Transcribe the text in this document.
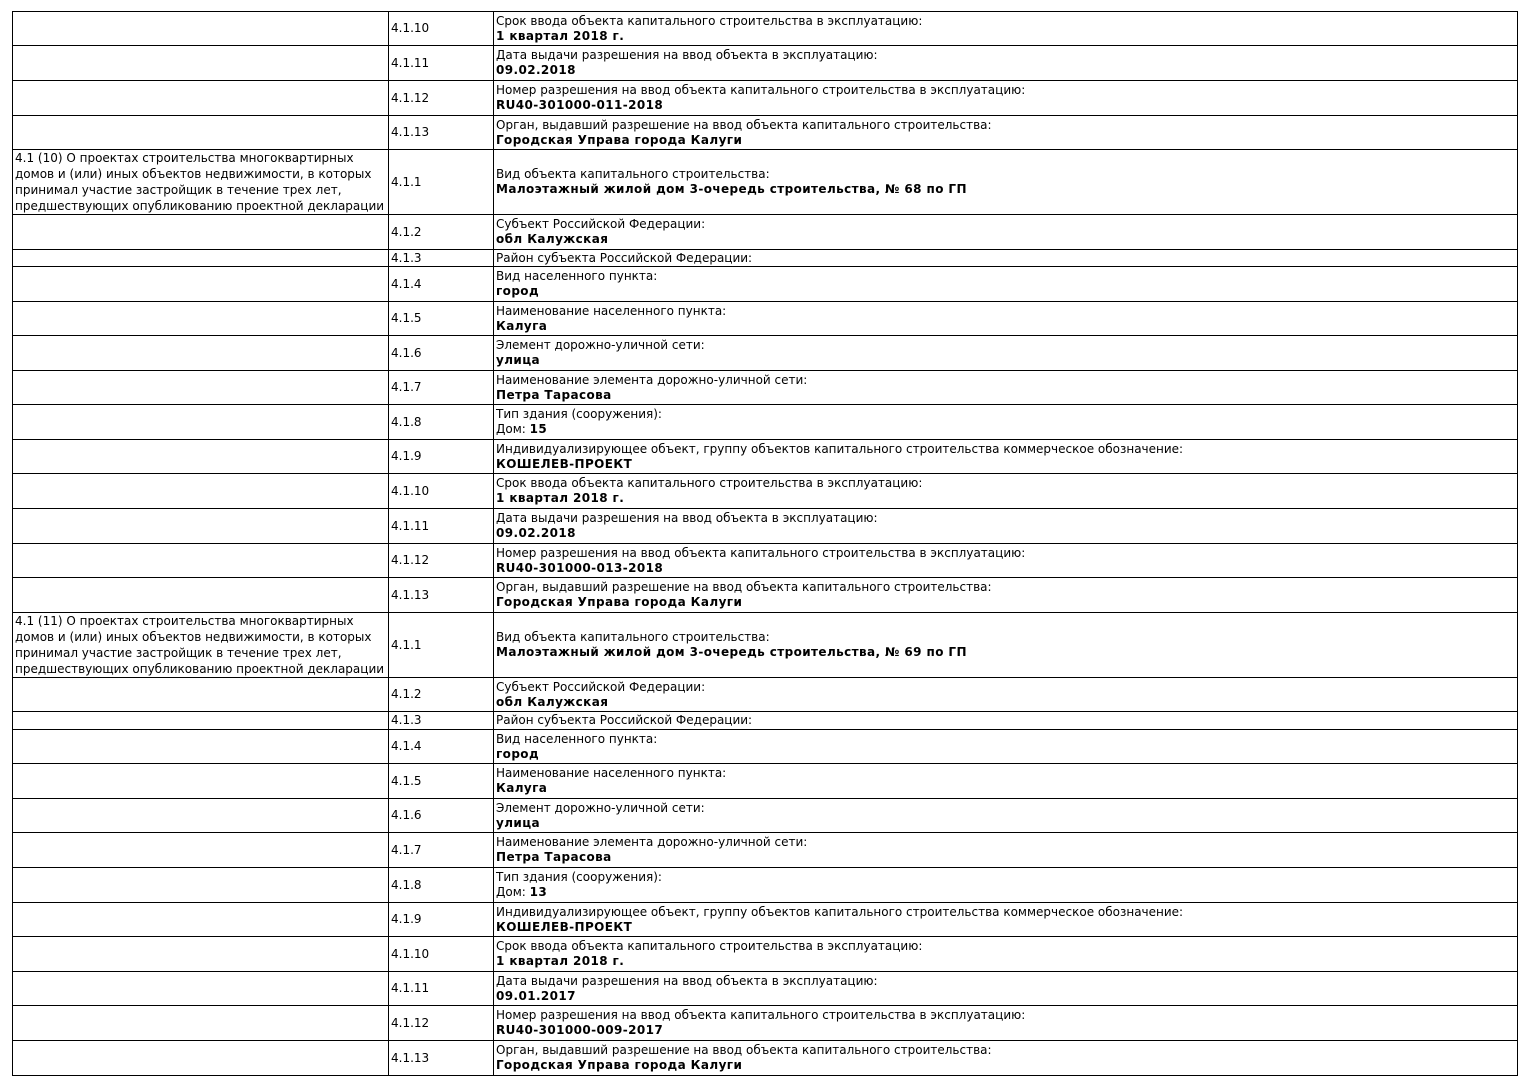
	4.1.10	Срок ввода объекта капитального строительства в эксплуатацию:
1 квартал 2018 г.

	4.1.11	Дата выдачи разрешения на ввод объекта в эксплуатацию:
09.02.2018

	4.1.12	Номер разрешения на ввод объекта капитального строительства в эксплуатацию:
RU40-301000-011-2018

	4.1.13	Орган, выдавший разрешение на ввод объекта капитального строительства:
Городская Управа города Калуги

4.1 (10) О проектах строительства многоквартирных домов и (или) иных объектов недвижимости, в которых принимал участие застройщик в течение трех лет, предшествующих опубликованию проектной декларации	4.1.1	Вид объекта капитального строительства:
Малоэтажный жилой дом 3-очередь строительства, № 68 по ГП

	4.1.2	Субъект Российской Федерации:
обл Калужская

	4.1.3	Район субъекта Российской Федерации:

	4.1.4	Вид населенного пункта:
город

	4.1.5	Наименование населенного пункта:
Калуга

	4.1.6	Элемент дорожно-уличной сети:
улица

	4.1.7	Наименование элемента дорожно-уличной сети:
Петра Тарасова

	4.1.8	Тип здания (сооружения):
Дом: 15

	4.1.9	Индивидуализирующее объект, группу объектов капитального строительства коммерческое обозначение:
КОШЕЛЕВ-ПРОЕКТ

	4.1.10	Срок ввода объекта капитального строительства в эксплуатацию:
1 квартал 2018 г.

	4.1.11	Дата выдачи разрешения на ввод объекта в эксплуатацию:
09.02.2018

	4.1.12	Номер разрешения на ввод объекта капитального строительства в эксплуатацию:
RU40-301000-013-2018

	4.1.13	Орган, выдавший разрешение на ввод объекта капитального строительства:
Городская Управа города Калуги

4.1 (11) О проектах строительства многоквартирных домов и (или) иных объектов недвижимости, в которых принимал участие застройщик в течение трех лет, предшествующих опубликованию проектной декларации	4.1.1	Вид объекта капитального строительства:
Малоэтажный жилой дом 3-очередь строительства, № 69 по ГП

	4.1.2	Субъект Российской Федерации:
обл Калужская

	4.1.3	Район субъекта Российской Федерации:

	4.1.4	Вид населенного пункта:
город

	4.1.5	Наименование населенного пункта:
Калуга

	4.1.6	Элемент дорожно-уличной сети:
улица

	4.1.7	Наименование элемента дорожно-уличной сети:
Петра Тарасова

	4.1.8	Тип здания (сооружения):
Дом: 13

	4.1.9	Индивидуализирующее объект, группу объектов капитального строительства коммерческое обозначение:
КОШЕЛЕВ-ПРОЕКТ

	4.1.10	Срок ввода объекта капитального строительства в эксплуатацию:
1 квартал 2018 г.

	4.1.11	Дата выдачи разрешения на ввод объекта в эксплуатацию:
09.01.2017

	4.1.12	Номер разрешения на ввод объекта капитального строительства в эксплуатацию:
RU40-301000-009-2017

	4.1.13	Орган, выдавший разрешение на ввод объекта капитального строительства:
Городская Управа города Калуги
